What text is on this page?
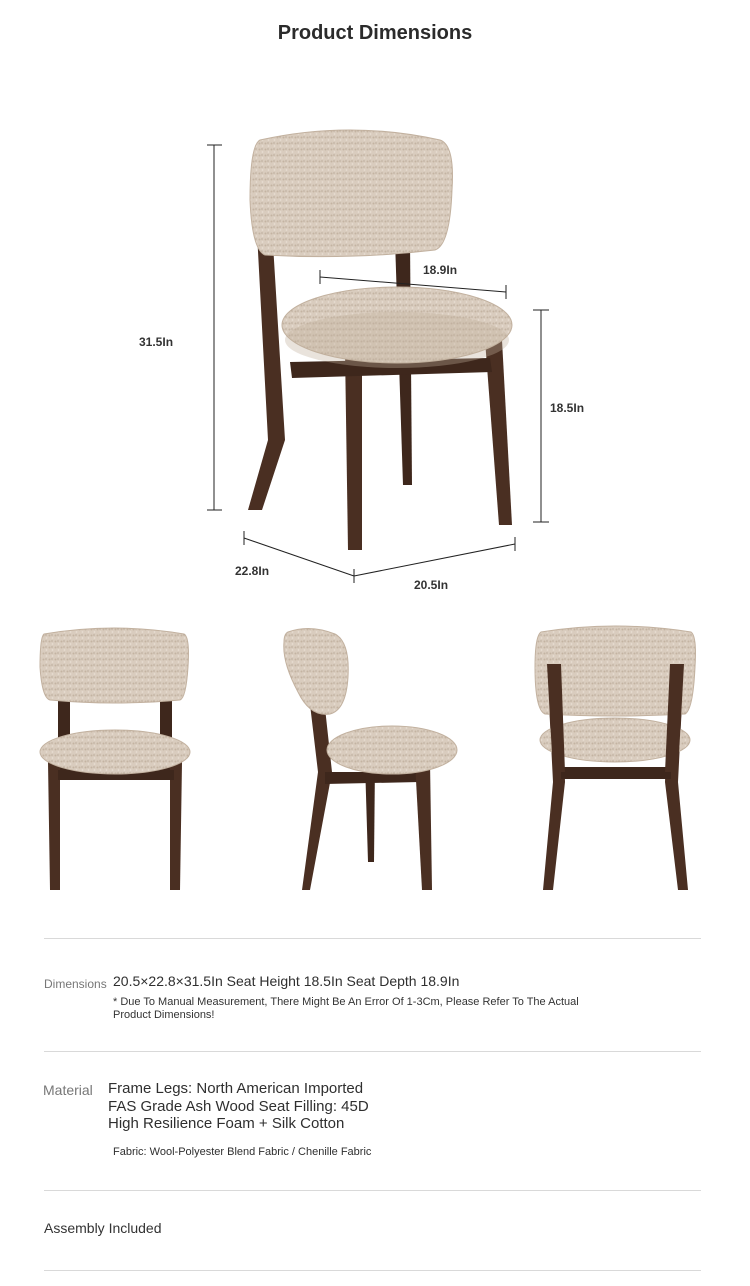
Product Dimensions
31.5In
18.9In
18.5In
22.8In
20.5In
Dimensions 20.5×22.8×31.5In Seat Height 18.5In Seat Depth 18.9In
* Due To Manual Measurement, There Might Be An Error Of 1-3Cm, Please Refer To The Actual Product Dimensions!
Material Frame Legs: North American Imported
FAS Grade Ash Wood Seat Filling: 45D
High Resilience Foam + Silk Cotton
Fabric: Wool-Polyester Blend Fabric / Chenille Fabric
Assembly Included
